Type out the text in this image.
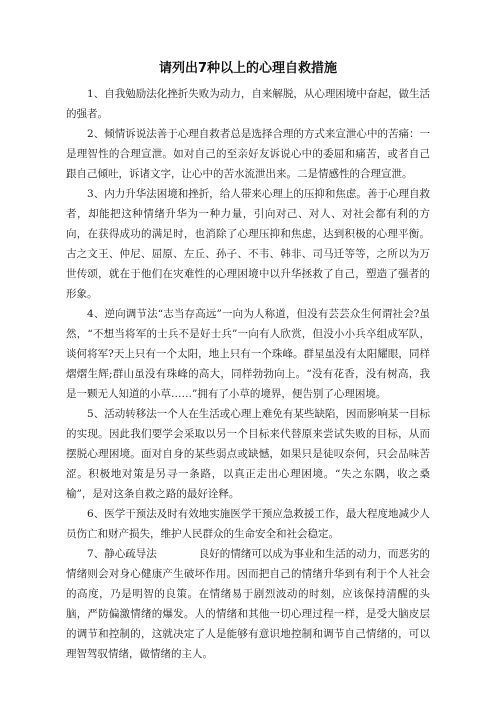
请列出7种以上的心理自救措施

1、自我勉励法化挫折失败为动力，自来解脱，从心理困境中奋起，做生活的强者。

2、倾情诉说法善于心理自救者总是选择合理的方式来宣泄心中的苦痛：一是理智性的合理宣泄。如对自己的至亲好友诉说心中的委屈和痛苦，或者自己跟自己倾吐，诉诸文字，让心中的苦水流泄出来。二是情感性的合理宣泄。

3、内力升华法困境和挫折，给人带来心理上的压抑和焦虑。善于心理自救者，却能把这种情绪升华为一种力量，引向对己、对人、对社会都有利的方向，在获得成功的满足时，也消除了心理压抑和焦虑，达到积极的心理平衡。古之文王、仲尼、屈原、左丘、孙子、不韦、韩非、司马迁等等，之所以为万世传颂，就在于他们在灾难性的心理困境中以升华拯救了自己，塑造了强者的形象。

4、逆向调节法“志当存高远”一向为人称道，但没有芸芸众生何谓社会?虽然，“不想当将军的士兵不是好士兵”一向有人欣赏，但没小小兵卒组成军队，谈何将军?天上只有一个太阳，地上只有一个珠峰。群星虽没有太阳耀眼，同样熠熠生辉;群山虽没有珠峰的高大，同样勃勃向上。“没有花香，没有树高，我是一颗无人知道的小草……”拥有了小草的境界，便告别了心理困境。

5、活动转移法一个人在生活或心理上难免有某些缺陷，因而影响某一目标的实现。因此我们要学会采取以另一个目标来代替原来尝试失败的目标，从而摆脱心理困境。面对自身的某些弱点或缺憾，如果只是徒叹奈何，只会品味苦涩。积极地对策是另寻一条路，以真正走出心理困境。“失之东隅，收之桑榆”，是对这条自救之路的最好诠释。

6、医学干预法及时有效地实施医学干预应急救援工作，最大程度地减少人员伤亡和财产损失，维护人民群众的生命安全和社会稳定。

7、静心疏导法　　　　良好的情绪可以成为事业和生活的动力，而恶劣的情绪则会对身心健康产生破坏作用。因而把自己的情绪升华到有利于个人社会的高度，乃是明智的良策。在情绪易于剧烈波动的时刻，应该保持清醒的头脑，严防偏激情绪的爆发。人的情绪和其他一切心理过程一样，是受大脑皮层的调节和控制的，这就决定了人是能够有意识地控制和调节自己情绪的，可以理智驾驭情绪，做情绪的主人。
